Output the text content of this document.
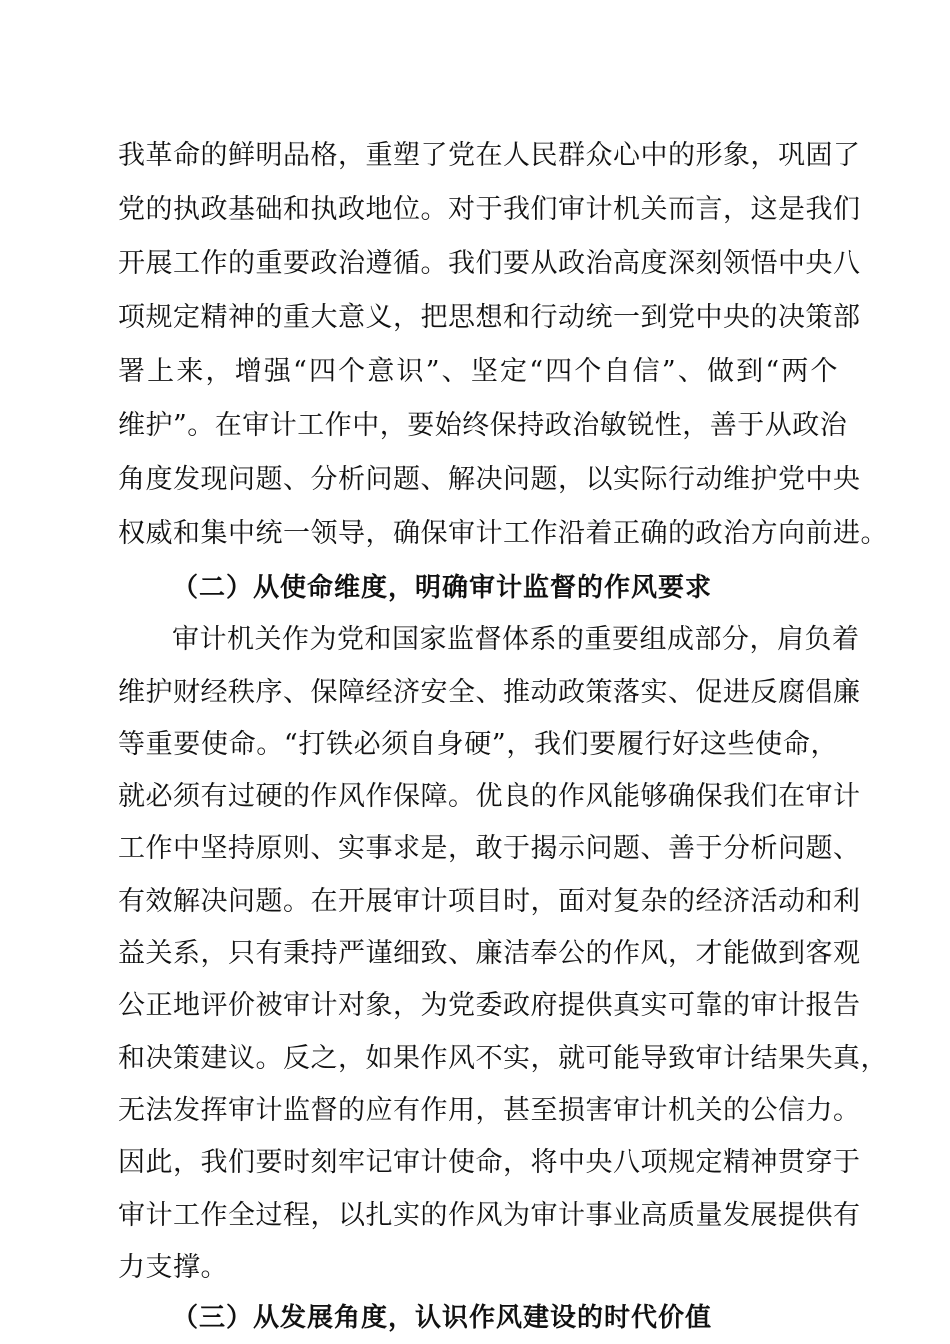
我革命的鲜明品格，重塑了党在人民群众心中的形象，巩固了
党的执政基础和执政地位。对于我们审计机关而言，这是我们
开展工作的重要政治遵循。我们要从政治高度深刻领悟中央八
项规定精神的重大意义，把思想和行动统一到党中央的决策部
署上来，增强“四个意识”、坚定“四个自信”、做到“两个
维护”。在审计工作中，要始终保持政治敏锐性，善于从政治
角度发现问题、分析问题、解决问题，以实际行动维护党中央
权威和集中统一领导，确保审计工作沿着正确的政治方向前进。
（二）从使命维度，明确审计监督的作风要求
审计机关作为党和国家监督体系的重要组成部分，肩负着
维护财经秩序、保障经济安全、推动政策落实、促进反腐倡廉
等重要使命。“打铁必须自身硬”，我们要履行好这些使命，
就必须有过硬的作风作保障。优良的作风能够确保我们在审计
工作中坚持原则、实事求是，敢于揭示问题、善于分析问题、
有效解决问题。在开展审计项目时，面对复杂的经济活动和利
益关系，只有秉持严谨细致、廉洁奉公的作风，才能做到客观
公正地评价被审计对象，为党委政府提供真实可靠的审计报告
和决策建议。反之，如果作风不实，就可能导致审计结果失真，
无法发挥审计监督的应有作用，甚至损害审计机关的公信力。
因此，我们要时刻牢记审计使命，将中央八项规定精神贯穿于
审计工作全过程，以扎实的作风为审计事业高质量发展提供有
力支撑。
（三）从发展角度，认识作风建设的时代价值
